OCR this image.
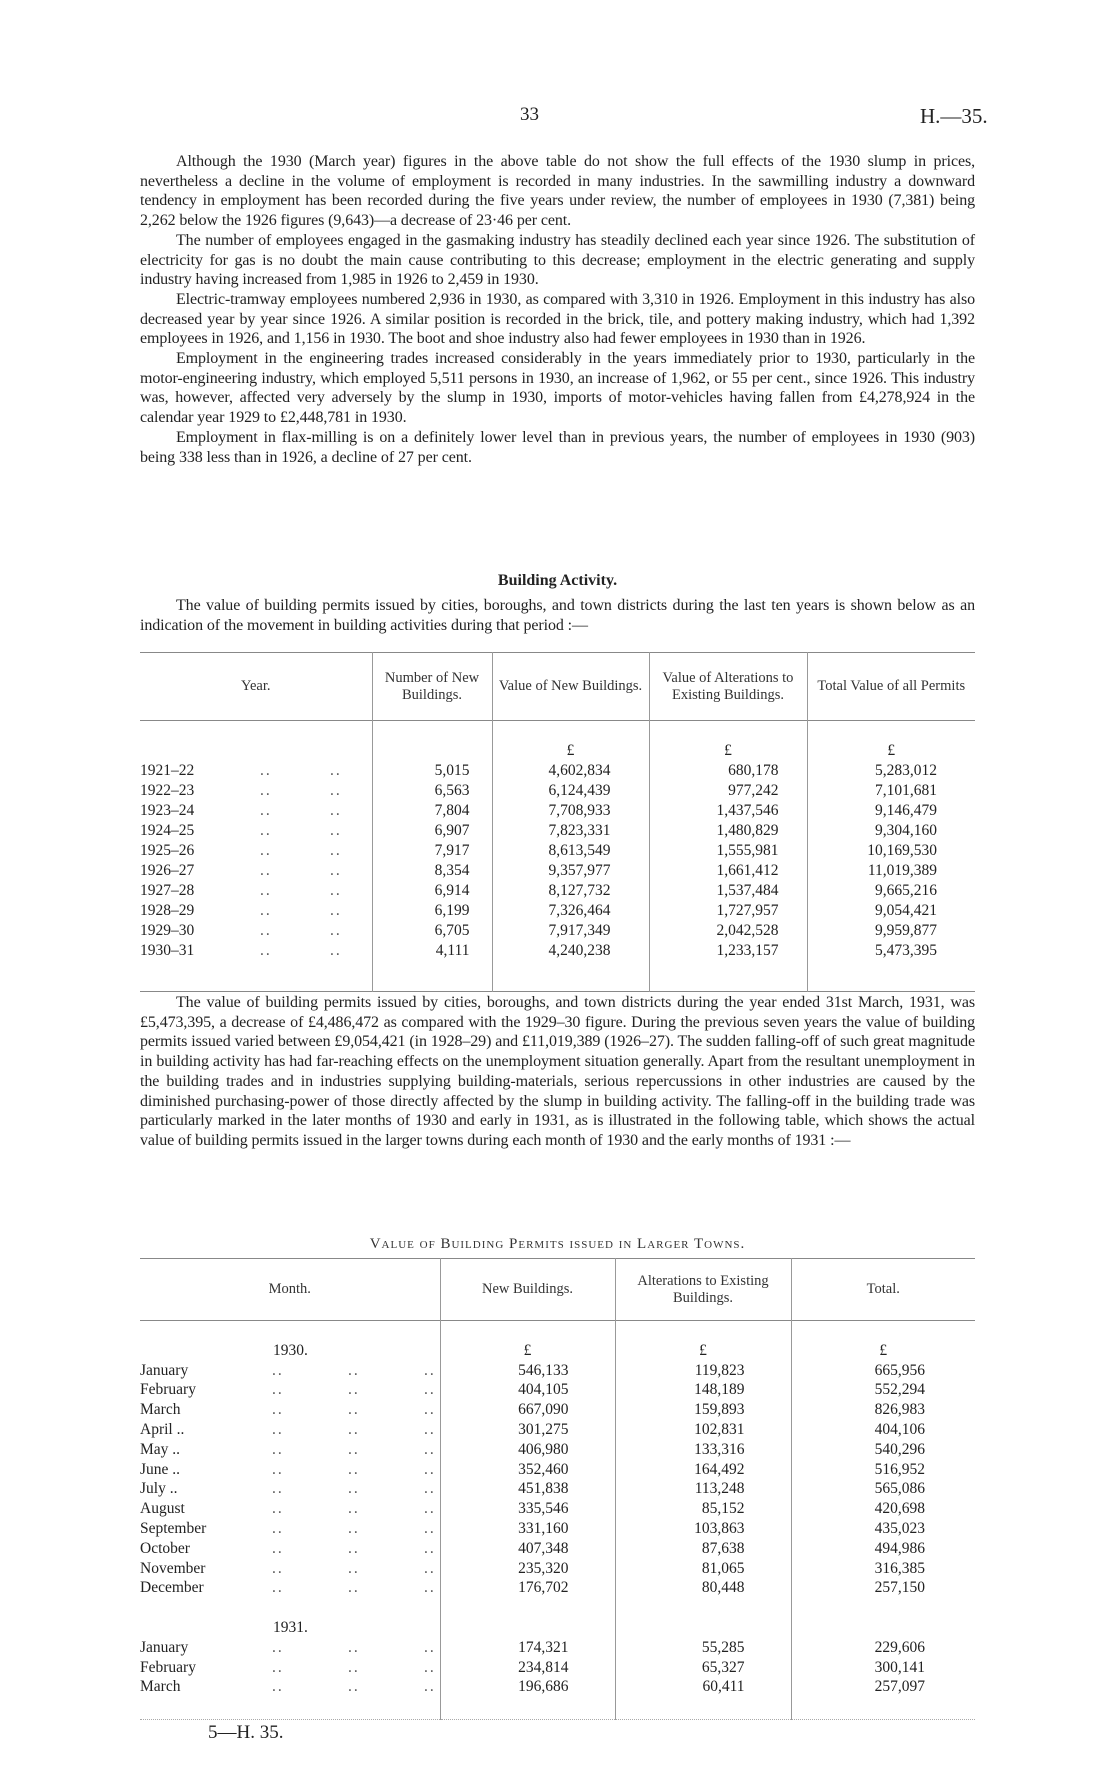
33	H.—35.

Although the 1930 (March year) figures in the above table do not show the full effects of the 1930 slump in prices, nevertheless a decline in the volume of employment is recorded in many industries. In the sawmilling industry a downward tendency in employment has been recorded during the five years under review, the number of employees in 1930 (7,381) being 2,262 below the 1926 figures (9,643)—a decrease of 23·46 per cent.

The number of employees engaged in the gasmaking industry has steadily declined each year since 1926. The substitution of electricity for gas is no doubt the main cause contributing to this decrease; employment in the electric generating and supply industry having increased from 1,985 in 1926 to 2,459 in 1930.

Electric-tramway employees numbered 2,936 in 1930, as compared with 3,310 in 1926. Employment in this industry has also decreased year by year since 1926. A similar position is recorded in the brick, tile, and pottery making industry, which had 1,392 employees in 1926, and 1,156 in 1930. The boot and shoe industry also had fewer employees in 1930 than in 1926.

Employment in the engineering trades increased considerably in the years immediately prior to 1930, particularly in the motor-engineering industry, which employed 5,511 persons in 1930, an increase of 1,962, or 55 per cent., since 1926. This industry was, however, affected very adversely by the slump in 1930, imports of motor-vehicles having fallen from £4,278,924 in the calendar year 1929 to £2,448,781 in 1930.

Employment in flax-milling is on a definitely lower level than in previous years, the number of employees in 1930 (903) being 338 less than in 1926, a decline of 27 per cent.

Building Activity.

The value of building permits issued by cities, boroughs, and town districts during the last ten years is shown below as an indication of the movement in building activities during that period :—

Year.	Number of New Buildings.	Value of New Buildings.	Value of Alterations to Existing Buildings.	Total Value of all Permits

		£	£	£
1921–22 .. ..	5,015	4,602,834	680,178	5,283,012
1922–23 .. ..	6,563	6,124,439	977,242	7,101,681
1923–24 .. ..	7,804	7,708,933	1,437,546	9,146,479
1924–25 .. ..	6,907	7,823,331	1,480,829	9,304,160
1925–26 .. ..	7,917	8,613,549	1,555,981	10,169,530
1926–27 .. ..	8,354	9,357,977	1,661,412	11,019,389
1927–28 .. ..	6,914	8,127,732	1,537,484	9,665,216
1928–29 .. ..	6,199	7,326,464	1,727,957	9,054,421
1929–30 .. ..	6,705	7,917,349	2,042,528	9,959,877
1930–31 .. ..	4,111	4,240,238	1,233,157	5,473,395

The value of building permits issued by cities, boroughs, and town districts during the year ended 31st March, 1931, was £5,473,395, a decrease of £4,486,472 as compared with the 1929–30 figure. During the previous seven years the value of building permits issued varied between £9,054,421 (in 1928–29) and £11,019,389 (1926–27). The sudden falling-off of such great magnitude in building activity has had far-reaching effects on the unemployment situation generally. Apart from the resultant unemployment in the building trades and in industries supplying building-materials, serious repercussions in other industries are caused by the diminished purchasing-power of those directly affected by the slump in building activity. The falling-off in the building trade was particularly marked in the later months of 1930 and early in 1931, as is illustrated in the following table, which shows the actual value of building permits issued in the larger towns during each month of 1930 and the early months of 1931 :—

Value of Building Permits issued in Larger Towns.
Month.	New Buildings.	Alterations to Existing Buildings.	Total.

1930.	£	£	£
January .. .. ..	546,133	119,823	665,956
February .. .. ..	404,105	148,189	552,294
March .. .. ..	667,090	159,893	826,983
April .. .. .. ..	301,275	102,831	404,106
May .. .. .. ..	406,980	133,316	540,296
June .. .. .. ..	352,460	164,492	516,952
July .. .. .. ..	451,838	113,248	565,086
August .. .. ..	335,546	85,152	420,698
September .. .. ..	331,160	103,863	435,023
October .. .. ..	407,348	87,638	494,986
November .. .. ..	235,320	81,065	316,385
December .. .. ..	176,702	80,448	257,150

1931.			
January .. .. ..	174,321	55,285	229,606
February .. .. ..	234,814	65,327	300,141
March .. .. ..	196,686	60,411	257,097

5—H. 35.
